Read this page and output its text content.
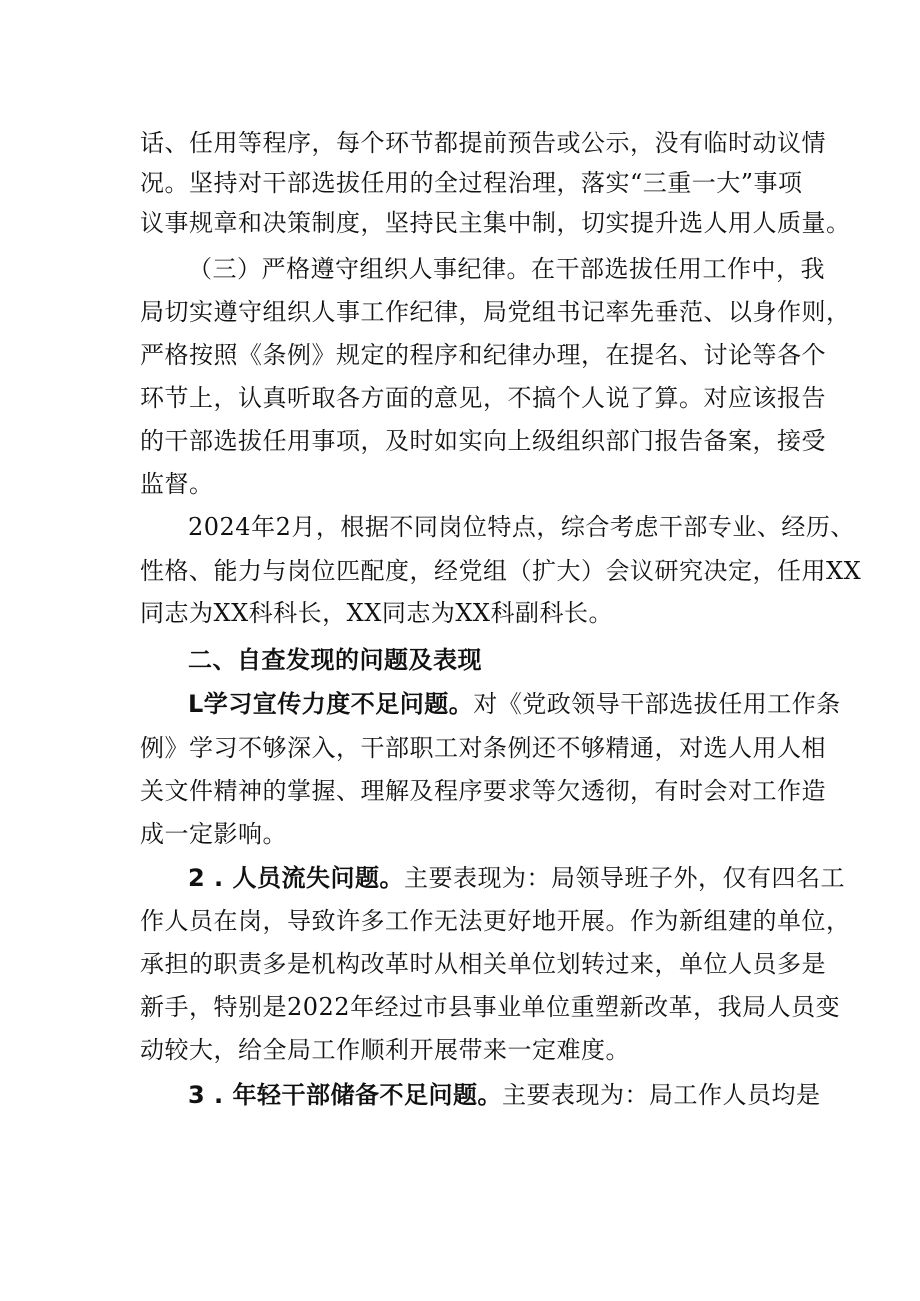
话、任用等程序，每个环节都提前预告或公示，没有临时动议情
况。坚持对干部选拔任用的全过程治理，落实“三重一大”事项
议事规章和决策制度，坚持民主集中制，切实提升选人用人质量。
（三）严格遵守组织人事纪律。在干部选拔任用工作中，我
局切实遵守组织人事工作纪律，局党组书记率先垂范、以身作则，
严格按照《条例》规定的程序和纪律办理，在提名、讨论等各个
环节上，认真听取各方面的意见，不搞个人说了算。对应该报告
的干部选拔任用事项，及时如实向上级组织部门报告备案，接受
监督。
2024年2月，根据不同岗位特点，综合考虑干部专业、经历、
性格、能力与岗位匹配度，经党组（扩大）会议研究决定，任用XX
同志为XX科科长，XX同志为XX科副科长。
二、自查发现的问题及表现
L学习宣传力度不足问题。对《党政领导干部选拔任用工作条
例》学习不够深入，干部职工对条例还不够精通，对选人用人相
关文件精神的掌握、理解及程序要求等欠透彻，有时会对工作造
成一定影响。
2 . 人员流失问题。主要表现为：局领导班子外，仅有四名工
作人员在岗，导致许多工作无法更好地开展。作为新组建的单位，
承担的职责多是机构改革时从相关单位划转过来，单位人员多是
新手，特别是2022年经过市县事业单位重塑新改革，我局人员变
动较大，给全局工作顺利开展带来一定难度。
3 . 年轻干部储备不足问题。主要表现为：局工作人员均是
